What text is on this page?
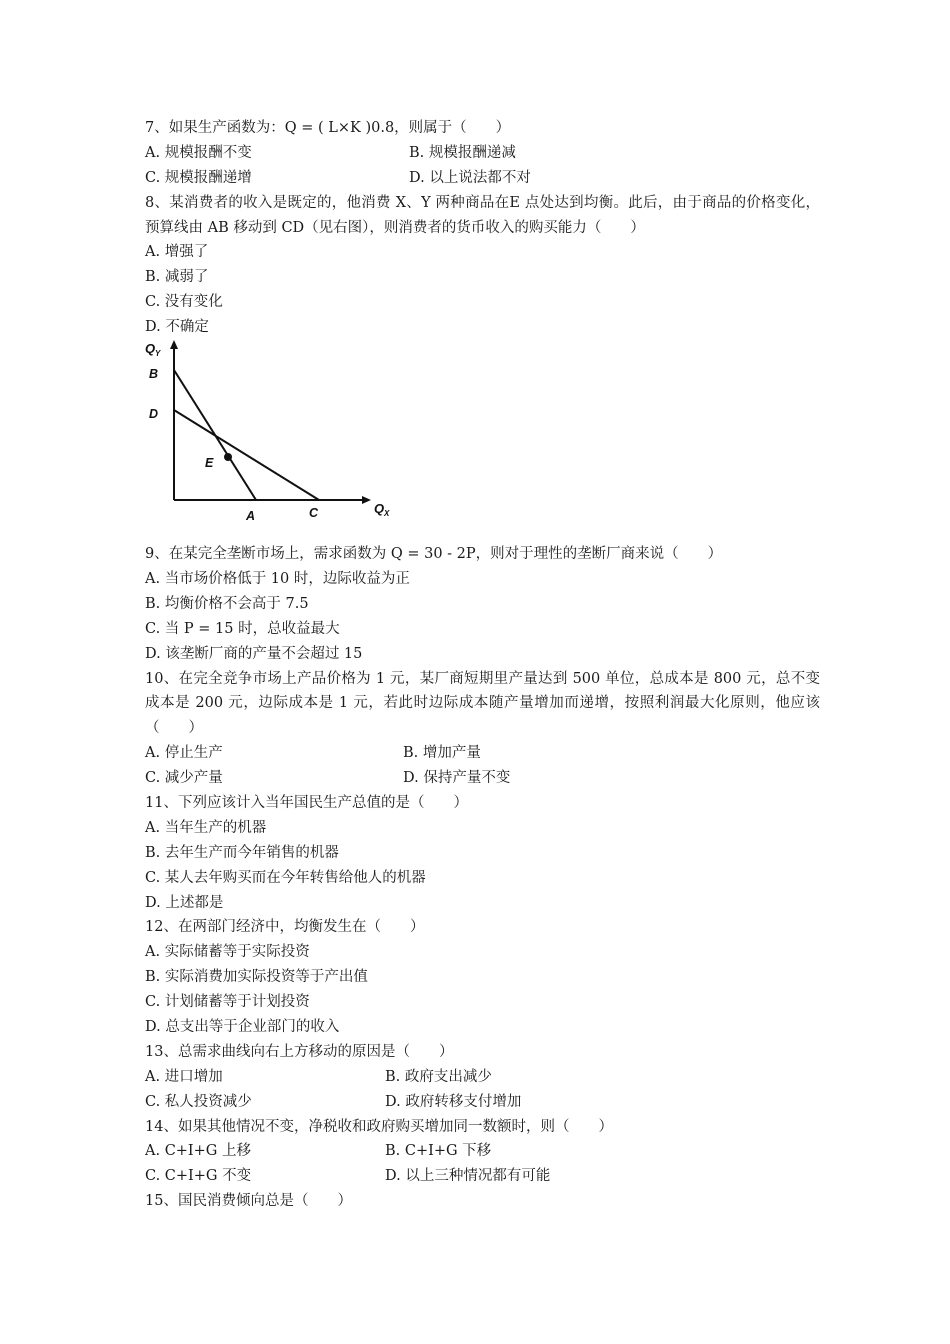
7、如果生产函数为：Q = ( L×K )0.8，则属于（　　）
A. 规模报酬不变	B. 规模报酬递减
C. 规模报酬递增	D. 以上说法都不对
8、某消费者的收入是既定的，他消费 X、Y 两种商品在E 点处达到均衡。此后，由于商品的价格变化，预算线由 AB 移动到 CD（见右图），则消费者的货币收入的购买能力（　　）
A. 增强了
B. 减弱了
C. 没有变化
D. 不确定
Q Y
Q X
B
D
E
A	C
9、在某完全垄断市场上，需求函数为 Q = 30 - 2P，则对于理性的垄断厂商来说（　　）
A. 当市场价格低于 10 时，边际收益为正
B. 均衡价格不会高于 7.5
C. 当 P = 15 时，总收益最大
D. 该垄断厂商的产量不会超过 15
10、在完全竞争市场上产品价格为 1 元，某厂商短期里产量达到 500 单位，总成本是 800 元，总不变成本是 200 元，边际成本是 1 元，若此时边际成本随产量增加而递增，按照利润最大化原则，他应该（　　）
A. 停止生产	B. 增加产量
C. 减少产量	D. 保持产量不变
11、下列应该计入当年国民生产总值的是（　　）
A. 当年生产的机器
B. 去年生产而今年销售的机器
C. 某人去年购买而在今年转售给他人的机器
D. 上述都是
12、在两部门经济中，均衡发生在（　　）
A. 实际储蓄等于实际投资
B. 实际消费加实际投资等于产出值
C. 计划储蓄等于计划投资
D. 总支出等于企业部门的收入
13、总需求曲线向右上方移动的原因是（　　）
A. 进口增加	B. 政府支出减少
C. 私人投资减少	D. 政府转移支付增加
14、如果其他情况不变，净税收和政府购买增加同一数额时，则（　　）
A. C+I+G 上移	B. C+I+G 下移
C. C+I+G 不变	D. 以上三种情况都有可能
15、国民消费倾向总是（　　）
